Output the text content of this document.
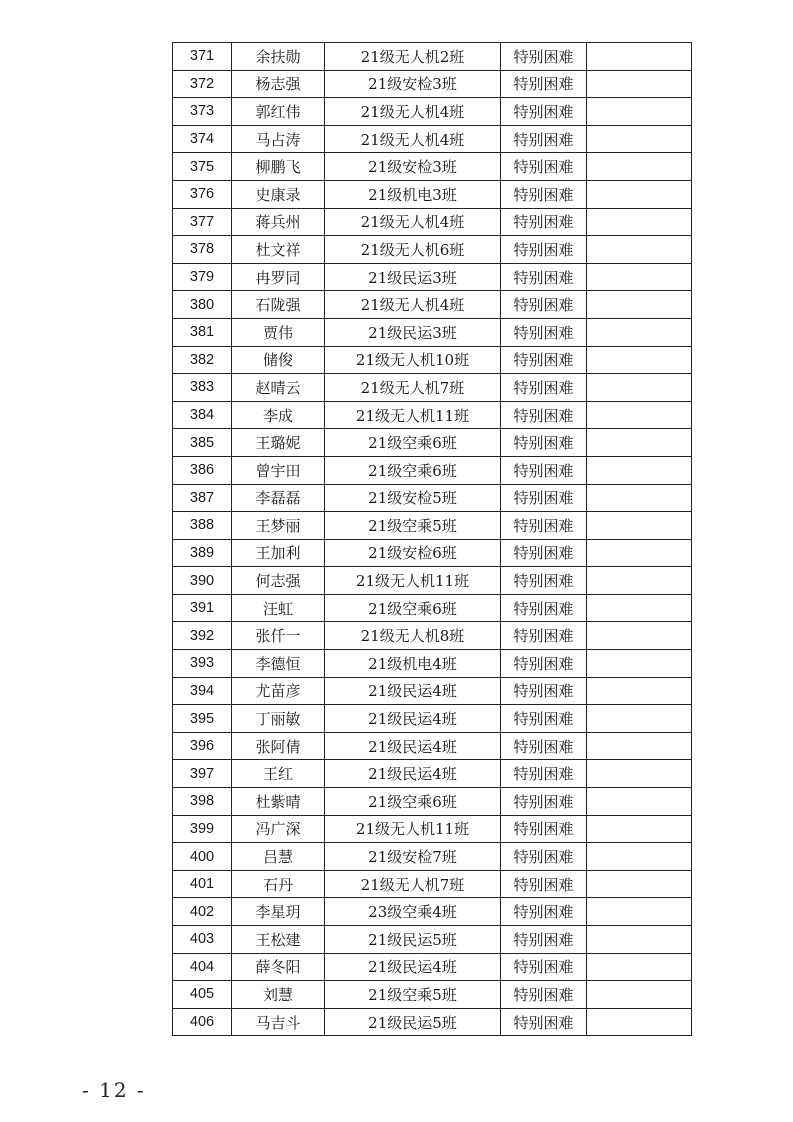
371	余扶勋	21级无人机2班	特别困难	
372	杨志强	21级安检3班	特别困难	
373	郭红伟	21级无人机4班	特别困难	
374	马占涛	21级无人机4班	特别困难	
375	柳鹏飞	21级安检3班	特别困难	
376	史康录	21级机电3班	特别困难	
377	蒋兵州	21级无人机4班	特别困难	
378	杜文祥	21级无人机6班	特别困难	
379	冉罗同	21级民运3班	特别困难	
380	石陇强	21级无人机4班	特别困难	
381	贾伟	21级民运3班	特别困难	
382	储俊	21级无人机10班	特别困难	
383	赵晴云	21级无人机7班	特别困难	
384	李成	21级无人机11班	特别困难	
385	王璐妮	21级空乘6班	特别困难	
386	曾宇田	21级空乘6班	特别困难	
387	李磊磊	21级安检5班	特别困难	
388	王梦丽	21级空乘5班	特别困难	
389	王加利	21级安检6班	特别困难	
390	何志强	21级无人机11班	特别困难	
391	汪虹	21级空乘6班	特别困难	
392	张仟一	21级无人机8班	特别困难	
393	李德恒	21级机电4班	特别困难	
394	尤苗彦	21级民运4班	特别困难	
395	丁丽敏	21级民运4班	特别困难	
396	张阿倩	21级民运4班	特别困难	
397	王红	21级民运4班	特别困难	
398	杜紫晴	21级空乘6班	特别困难	
399	冯广深	21级无人机11班	特别困难	
400	吕慧	21级安检7班	特别困难	
401	石丹	21级无人机7班	特别困难	
402	李星玥	23级空乘4班	特别困难	
403	王松建	21级民运5班	特别困难	
404	薛冬阳	21级民运4班	特别困难	
405	刘慧	21级空乘5班	特别困难	
406	马吉斗	21级民运5班	特别困难	
- 12 -
